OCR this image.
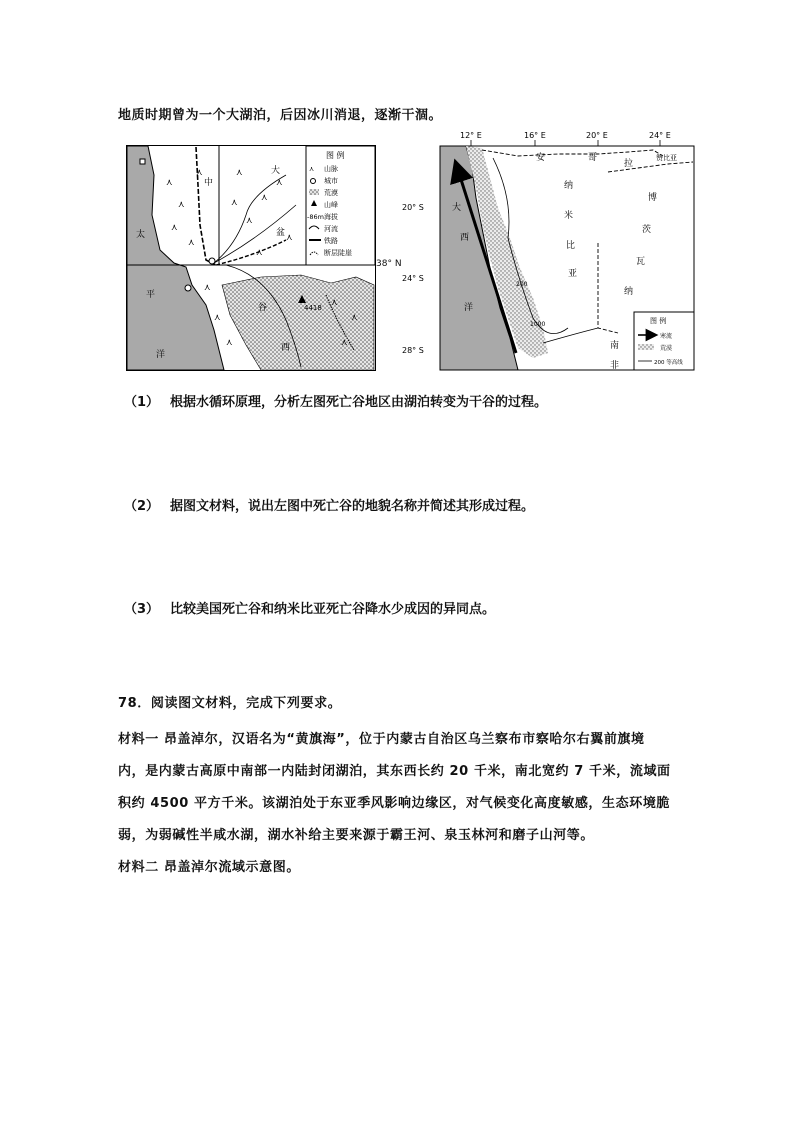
地质时期曾为一个大湖泊，后因冰川消退，逐渐干涸。
图 例
⋏ 山脉
城市
荒漠
山峰
-86m 海拔
河流
铁路
断层陡崖
⋏
⋏
⋏
⋏
⋏	⋏
⋏
⋏
⋏
⋏
⋏
⋏
⋏
⋏
⋏
⋏
⋏
⋏
中
大
盆
太
平
洋
谷
西
4418
38° N
12° E	16° E	20° E	24° E
20° S
24° S
28° S
安	哥
拉
赞比亚
纳
米
比
亚
博
茨
瓦
纳
南
非
大
西
洋
1000
200
图 例
寒流
荒漠
200 等高线
（1） 根据水循环原理，分析左图死亡谷地区由湖泊转变为干谷的过程。
（2） 据图文材料，说出左图中死亡谷的地貌名称并简述其形成过程。
（3） 比较美国死亡谷和纳米比亚死亡谷降水少成因的异同点。
78．阅读图文材料，完成下列要求。
材料一 昂盖淖尔，汉语名为“黄旗海”，位于内蒙古自治区乌兰察布市察哈尔右翼前旗境
内，是内蒙古高原中南部一内陆封闭湖泊，其东西长约 20 千米，南北宽约 7 千米，流域面
积约 4500 平方千米。该湖泊处于东亚季风影响边缘区，对气候变化高度敏感，生态环境脆
弱，为弱碱性半咸水湖，湖水补给主要来源于霸王河、泉玉林河和磨子山河等。
材料二 昂盖淖尔流域示意图。
